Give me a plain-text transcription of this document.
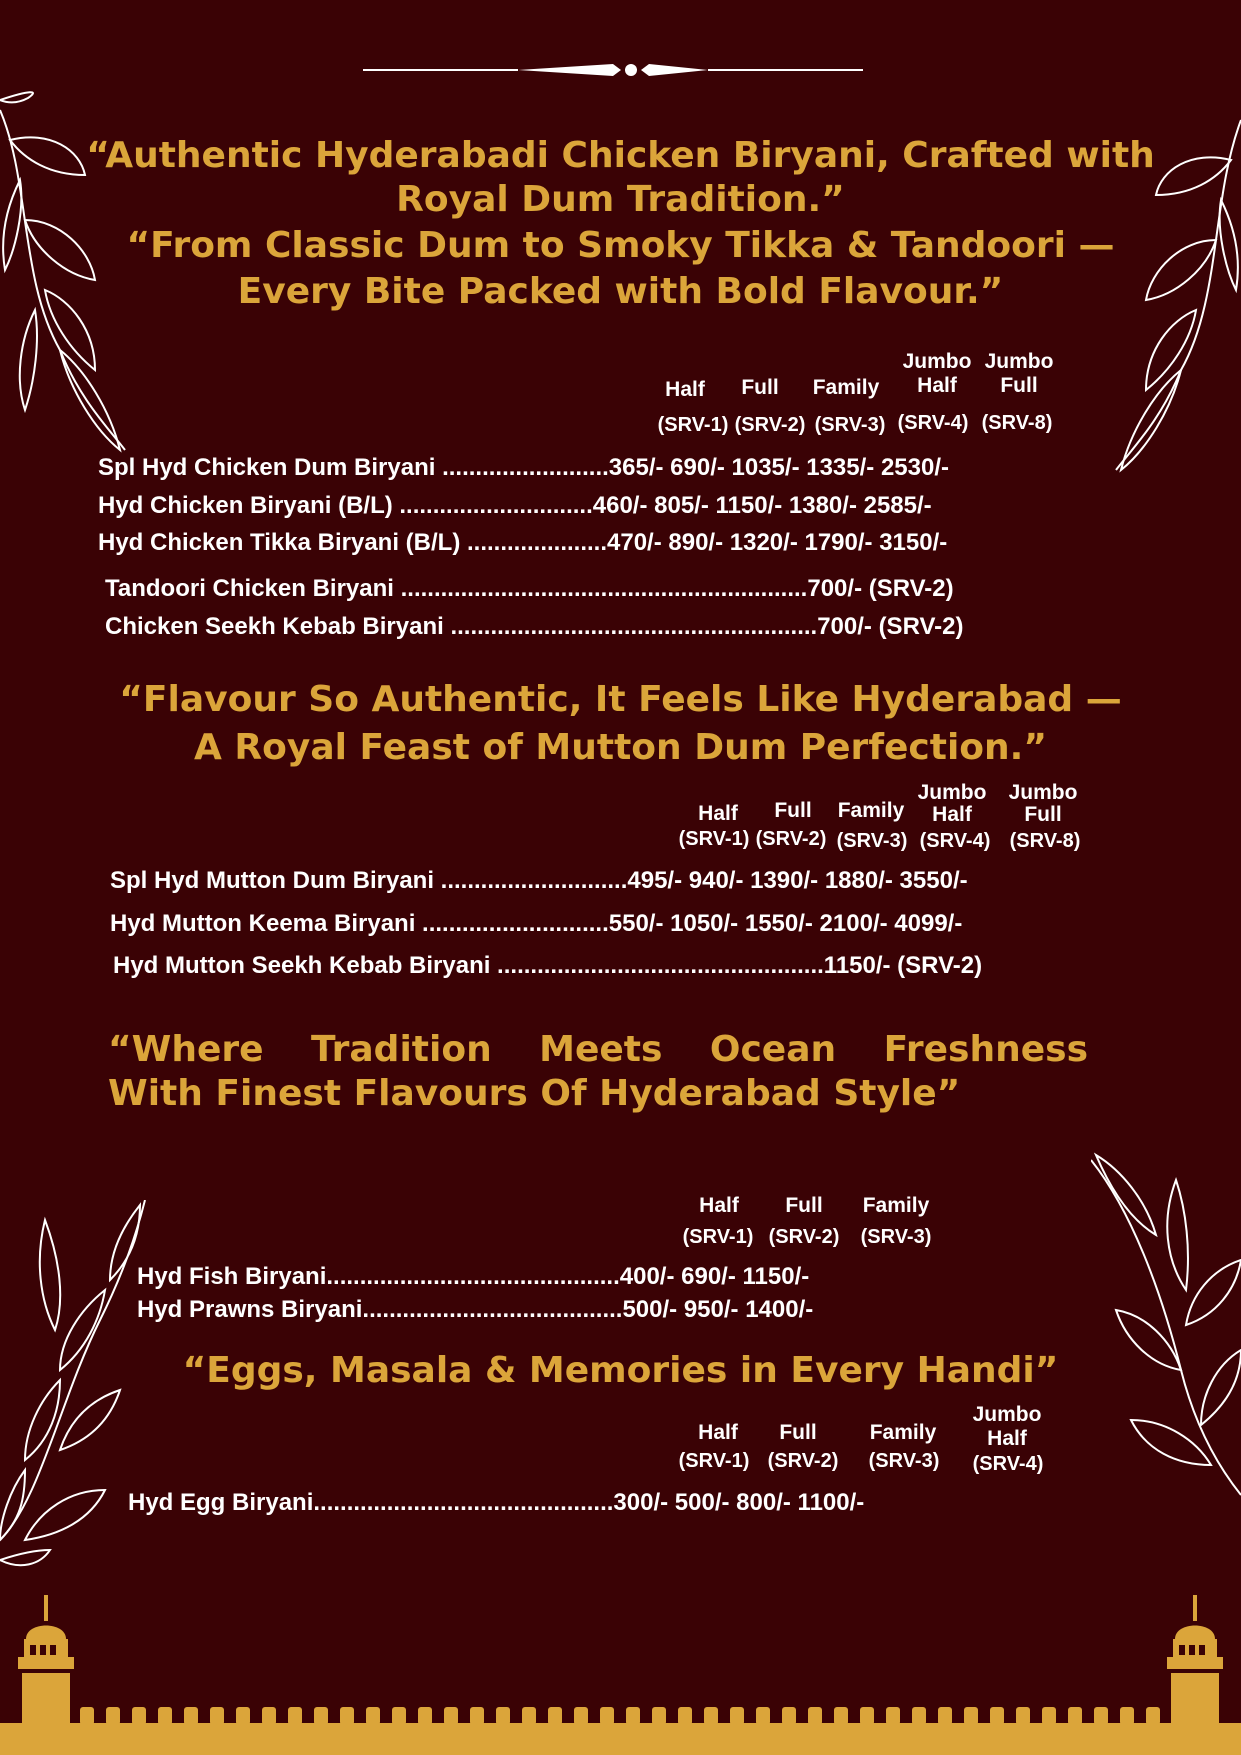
“Authentic Hyderabadi Chicken Biryani, Crafted with
Royal Dum Tradition.”
“From Classic Dum to Smoky Tikka & Tandoori —
Every Bite Packed with Bold Flavour.”
Half Full Family
Jumbo Half
Jumbo Full
(SRV-1) (SRV-2) (SRV-3) (SRV-4) (SRV-8)
Spl Hyd Chicken Dum Biryani .........................365/- 690/- 1035/- 1335/- 2530/-
Hyd Chicken Biryani (B/L) .............................460/- 805/- 1150/- 1380/- 2585/-
Hyd Chicken Tikka Biryani (B/L) .....................470/- 890/- 1320/- 1790/- 3150/-
Tandoori Chicken Biryani .............................................................700/- (SRV-2)
Chicken Seekh Kebab Biryani .......................................................700/- (SRV-2)
“Flavour So Authentic, It Feels Like Hyderabad —
A Royal Feast of Mutton Dum Perfection.”
Half Full Family
Jumbo Half
Jumbo Full
(SRV-1) (SRV-2) (SRV-3) (SRV-4) (SRV-8)
Spl Hyd Mutton Dum Biryani ............................495/- 940/- 1390/- 1880/- 3550/-
Hyd Mutton Keema Biryani ............................550/- 1050/- 1550/- 2100/- 4099/-
Hyd Mutton Seekh Kebab Biryani .................................................1150/- (SRV-2)
“Where Tradition Meets Ocean Freshness
With Finest Flavours Of Hyderabad Style”
Half Full Family
(SRV-1) (SRV-2) (SRV-3)
Hyd Fish Biryani............................................400/- 690/- 1150/-
Hyd Prawns Biryani.......................................500/- 950/- 1400/-
“Eggs, Masala & Memories in Every Handi”
Half Full	Family
Jumbo Half
(SRV-1) (SRV-2) (SRV-3) (SRV-4)
Hyd Egg Biryani.............................................300/- 500/- 800/- 1100/-
